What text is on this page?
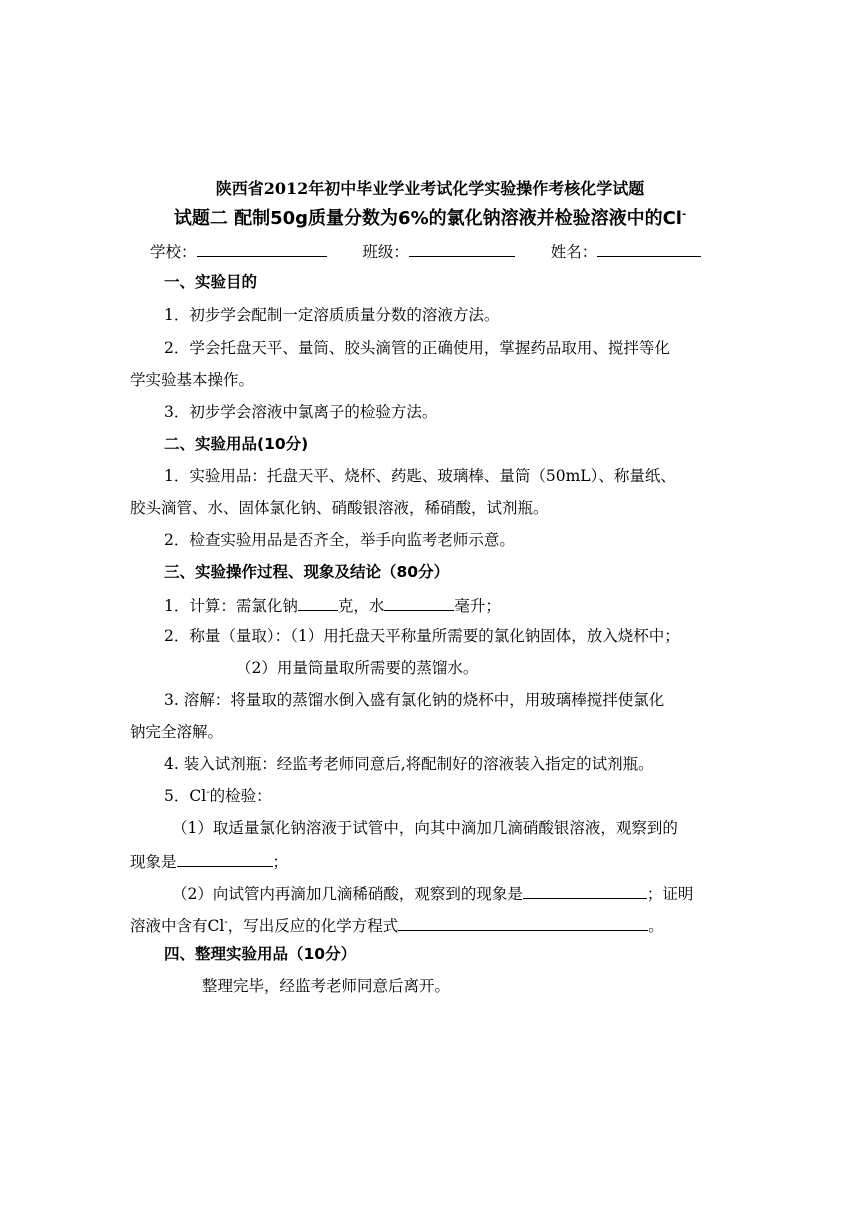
陕西省2012年初中毕业学业考试化学实验操作考核化学试题
试题二 配制50g质量分数为6%的氯化钠溶液并检验溶液中的Cl-
学校：	班级：	姓名：
一、实验目的
1．初步学会配制一定溶质质量分数的溶液方法。
2．学会托盘天平、量筒、胶头滴管的正确使用，掌握药品取用、搅拌等化
学实验基本操作。
3．初步学会溶液中氯离子的检验方法。
二、实验用品(10分)
1．实验用品：托盘天平、烧杯、药匙、玻璃棒、量筒（50mL）、称量纸、
胶头滴管、水、固体氯化钠、硝酸银溶液，稀硝酸，试剂瓶。
2．检查实验用品是否齐全，举手向监考老师示意。
三、实验操作过程、现象及结论（80分）
1．计算：需氯化钠	克，水	毫升；
2．称量（量取）：（1）用托盘天平称量所需要的氯化钠固体，放入烧杯中；
（2）用量筒量取所需要的蒸馏水。
3. 溶解：将量取的蒸馏水倒入盛有氯化钠的烧杯中，用玻璃棒搅拌使氯化
钠完全溶解。
4. 装入试剂瓶：经监考老师同意后,将配制好的溶液装入指定的试剂瓶。
5．Cl-的检验：
（1）取适量氯化钠溶液于试管中，向其中滴加几滴硝酸银溶液，观察到的
现象是	；
（2）向试管内再滴加几滴稀硝酸，观察到的现象是	；证明
溶液中含有Cl-，写出反应的化学方程式	。
四、整理实验用品（10分）
整理完毕，经监考老师同意后离开。
